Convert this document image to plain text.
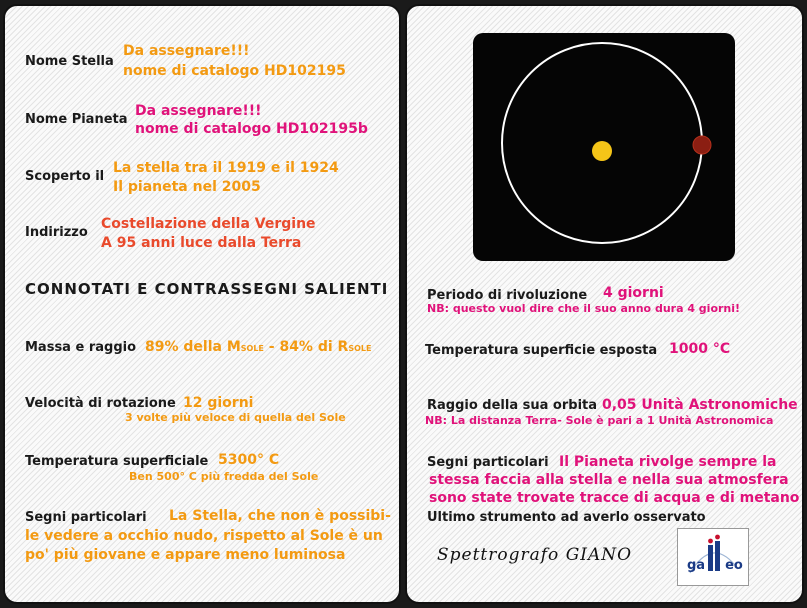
Nome Stella
Da assegnare!!!
nome di catalogo HD102195
Nome Pianeta
Da assegnare!!!
nome di catalogo HD102195b
Scoperto il
La stella tra il 1919 e il 1924
Il pianeta nel 2005
Indirizzo
Costellazione della Vergine
A 95 anni luce dalla Terra
CONNOTATI E CONTRASSEGNI SALIENTI
Massa e raggio 89% della MSOLE - 84% di RSOLE
Velocità di rotazione 12 giorni
3 volte più veloce di quella del Sole
Temperatura superficiale 5300° C
Ben 500° C più fredda del Sole
Segni particolari La Stella, che non è possibi-
le vedere a occhio nudo, rispetto al Sole è un
po' più giovane e appare meno luminosa
Periodo di rivoluzione 4 giorni
NB: questo vuol dire che il suo anno dura 4 giorni!
Temperatura superficie esposta 1000 °C
Raggio della sua orbita 0,05 Unità Astronomiche
NB: La distanza Terra- Sole è pari a 1 Unità Astronomica
Segni particolari Il Pianeta rivolge sempre la
stessa faccia alla stella e nella sua atmosfera
sono state trovate tracce di acqua e di metano
Ultimo strumento ad averlo osservato
Spettrografo GIANO
ga eo
